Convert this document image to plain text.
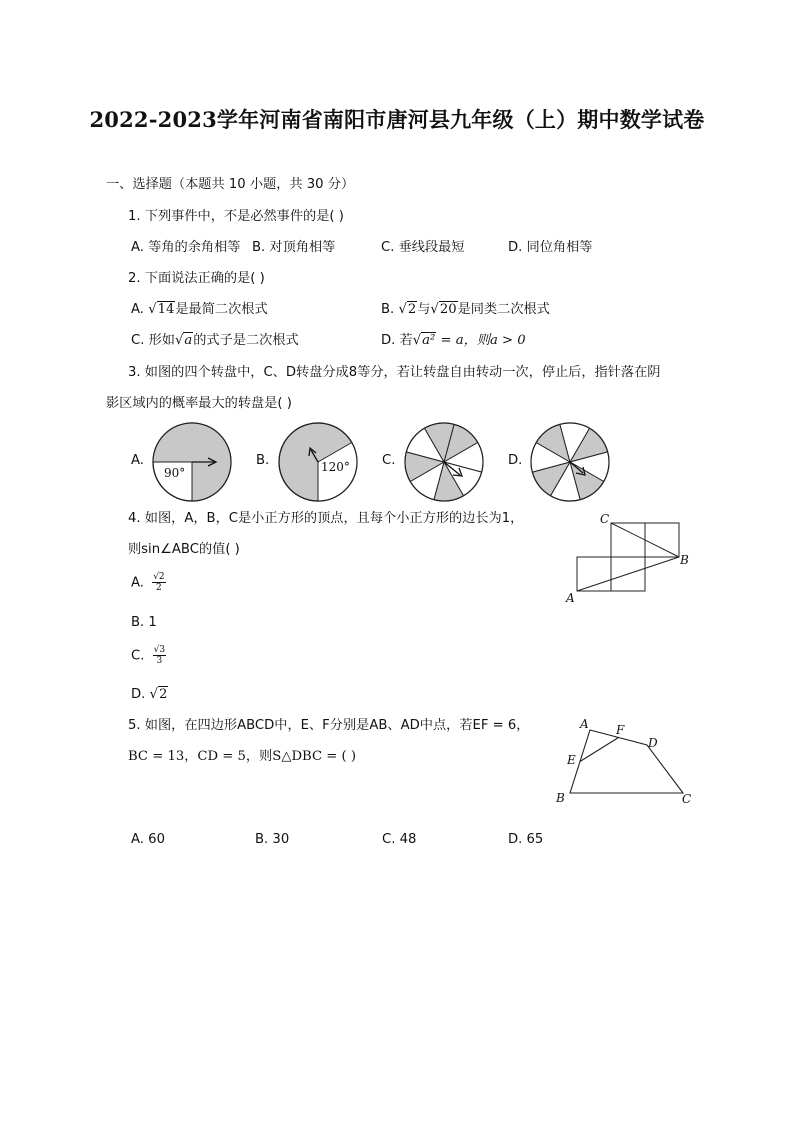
2022-2023学年河南省南阳市唐河县九年级（上）期中数学试卷
一、选择题（本题共 10 小题，共 30 分）
1. 下列事件中，不是必然事件的是( )
A. 等角的余角相等 B. 对顶角相等	C. 垂线段最短	D. 同位角相等
2. 下面说法正确的是( )
A. √14是最简二次根式	B. √2与√20是同类二次根式
C. 形如√a的式子是二次根式	D. 若√a² = a，则a > 0
3. 如图的四个转盘中，C、D转盘分成8等分，若让转盘自由转动一次，停止后，指针落在阴
影区域内的概率最大的转盘是( )
A.	B.	C.	D.
90°	120°
4. 如图，A，B，C是小正方形的顶点，且每个小正方形的边长为1，
则sin∠ABC的值( )
A. $\frac{√2}{2}$
B. 1
C. $\frac{√3}{3}$
D. √2
C
B
A
5. 如图，在四边形ABCD中，E、F分别是AB、AD中点，若EF = 6，
BC = 13，CD = 5，则S△DBC = ( )
A F
D
E
B	C
A. 60	B. 30	C. 48	D. 65
